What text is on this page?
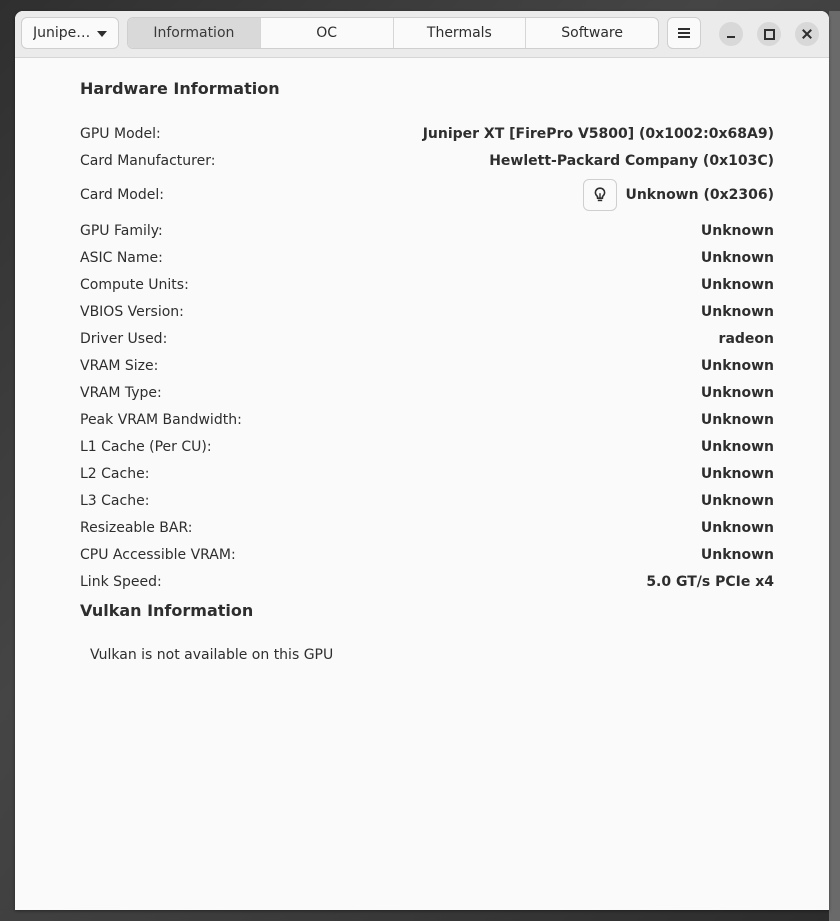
Junipe…	Information	OC	Thermals	Software
Hardware Information
GPU Model:	Juniper XT [FirePro V5800] (0x1002:0x68A9)
Card Manufacturer:	Hewlett-Packard Company (0x103C)
Card Model:	Unknown (0x2306)
GPU Family:	Unknown
ASIC Name:	Unknown
Compute Units:	Unknown
VBIOS Version:	Unknown
Driver Used:	radeon
VRAM Size:	Unknown
VRAM Type:	Unknown
Peak VRAM Bandwidth:	Unknown
L1 Cache (Per CU):	Unknown
L2 Cache:	Unknown
L3 Cache:	Unknown
Resizeable BAR:	Unknown
CPU Accessible VRAM:	Unknown
Link Speed:	5.0 GT/s PCIe x4
Vulkan Information
Vulkan is not available on this GPU
